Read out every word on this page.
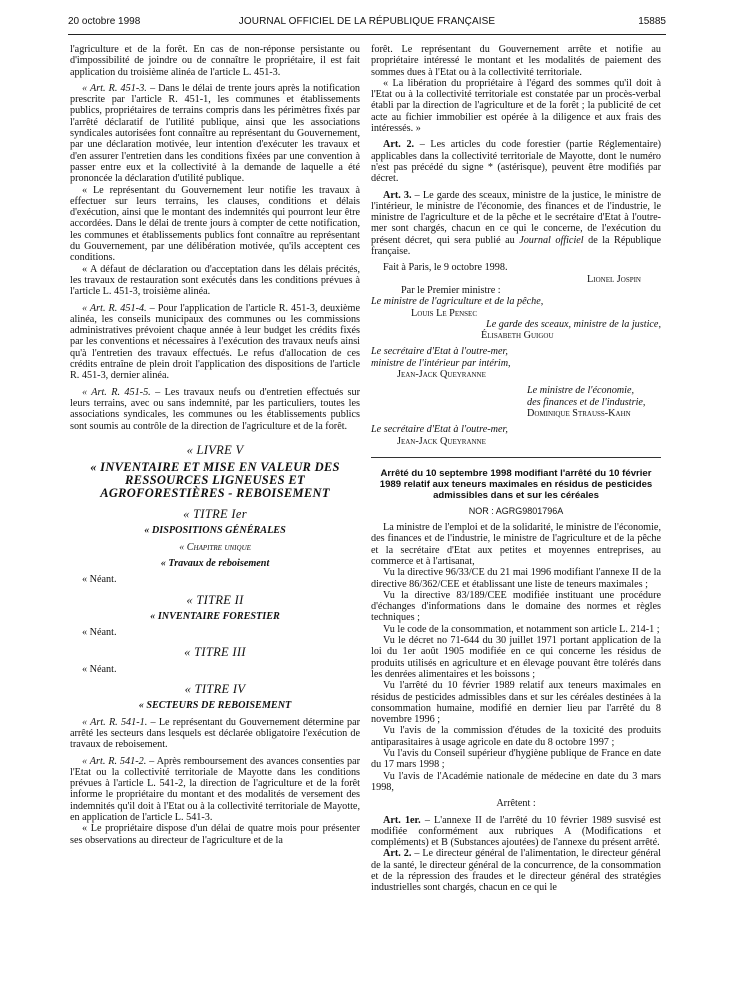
20 octobre 1998	JOURNAL OFFICIEL DE LA RÉPUBLIQUE FRANÇAISE	15885

l'agriculture et de la forêt. En cas de non-réponse persistante ou d'impossibilité de joindre ou de connaître le propriétaire, il est fait application du troisième alinéa de l'article L. 451-3.

« Art. R. 451-3. – Dans le délai de trente jours après la notification prescrite par l'article R. 451-1, les communes et établissements publics, propriétaires de terrains compris dans les périmètres fixés par l'arrêté déclaratif de l'utilité publique, ainsi que les associations syndicales autorisées font connaître au représentant du Gouvernement, par une déclaration motivée, leur intention d'exécuter les travaux et d'en assurer l'entretien dans les conditions fixées par une convention à passer entre eux et la collectivité à la demande de laquelle a été prononcée la déclaration d'utilité publique.

« Le représentant du Gouvernement leur notifie les travaux à effectuer sur leurs terrains, les clauses, conditions et délais d'exécution, ainsi que le montant des indemnités qui pourront leur être accordées. Dans le délai de trente jours à compter de cette notification, les communes et établissements publics font connaître au représentant du Gouvernement, par une délibération motivée, qu'ils acceptent ces conditions.

« A défaut de déclaration ou d'acceptation dans les délais précités, les travaux de restauration sont exécutés dans les conditions prévues à l'article L. 451-3, troisième alinéa.

« Art. R. 451-4. – Pour l'application de l'article R. 451-3, deuxième alinéa, les conseils municipaux des communes ou les commissions administratives prévoient chaque année à leur budget les crédits fixés par les conventions et nécessaires à l'exécution des travaux neufs ainsi qu'à l'entretien des travaux effectués. Le refus d'allocation de ces crédits entraîne de plein droit l'application des dispositions de l'article R. 451-3, dernier alinéa.

« Art. R. 451-5. – Les travaux neufs ou d'entretien effectués sur leurs terrains, avec ou sans indemnité, par les particuliers, toutes les associations syndicales, les communes ou les établissements publics sont soumis au contrôle de la direction de l'agriculture et de la forêt.

« LIVRE V

« INVENTAIRE ET MISE EN VALEUR DES RESSOURCES LIGNEUSES ET AGROFORESTIÈRES - REBOISEMENT

« TITRE Ier

« DISPOSITIONS GÉNÉRALES

« Chapitre unique

« Travaux de reboisement

« Néant.

« TITRE II

« INVENTAIRE FORESTIER

« Néant.

« TITRE III

« Néant.

« TITRE IV

« SECTEURS DE REBOISEMENT

« Art. R. 541-1. – Le représentant du Gouvernement détermine par arrêté les secteurs dans lesquels est déclarée obligatoire l'exécution de travaux de reboisement.

« Art. R. 541-2. – Après remboursement des avances consenties par l'Etat ou la collectivité territoriale de Mayotte dans les conditions prévues à l'article L. 541-2, la direction de l'agriculture et de la forêt informe le propriétaire du montant et des modalités de versement des indemnités qu'il doit à l'Etat ou à la collectivité territoriale de Mayotte, en application de l'article L. 541-3.

« Le propriétaire dispose d'un délai de quatre mois pour présenter ses observations au directeur de l'agriculture et de la

forêt. Le représentant du Gouvernement arrête et notifie au propriétaire intéressé le montant et les modalités de paiement des sommes dues à l'Etat ou à la collectivité territoriale.

« La libération du propriétaire à l'égard des sommes qu'il doit à l'Etat ou à la collectivité territoriale est constatée par un procès-verbal établi par la direction de l'agriculture et de la forêt ; la publicité de cet acte au fichier immobilier est opérée à la diligence et aux frais des intéressés. »

Art. 2. – Les articles du code forestier (partie Réglementaire) applicables dans la collectivité territoriale de Mayotte, dont le numéro n'est pas précédé du signe * (astérisque), peuvent être modifiés par décret.

Art. 3. – Le garde des sceaux, ministre de la justice, le ministre de l'intérieur, le ministre de l'économie, des finances et de l'industrie, le ministre de l'agriculture et de la pêche et le secrétaire d'Etat à l'outre-mer sont chargés, chacun en ce qui le concerne, de l'exécution du présent décret, qui sera publié au Journal officiel de la République française.

Fait à Paris, le 9 octobre 1998.

Lionel Jospin

Par le Premier ministre :

Le ministre de l'agriculture et de la pêche,

Louis Le Pensec

Le garde des sceaux, ministre de la justice,

Élisabeth Guigou

Le secrétaire d'Etat à l'outre-mer,

ministre de l'intérieur par intérim,

Jean-Jack Queyranne

Le ministre de l'économie,

des finances et de l'industrie,

Dominique Strauss-Kahn

Le secrétaire d'Etat à l'outre-mer,

Jean-Jack Queyranne

Arrêté du 10 septembre 1998 modifiant l'arrêté du 10 février 1989 relatif aux teneurs maximales en résidus de pesticides admissibles dans et sur les céréales

NOR : AGRG9801796A

La ministre de l'emploi et de la solidarité, le ministre de l'économie, des finances et de l'industrie, le ministre de l'agriculture et de la pêche et la secrétaire d'Etat aux petites et moyennes entreprises, au commerce et à l'artisanat,

Vu la directive 96/33/CE du 21 mai 1996 modifiant l'annexe II de la directive 86/362/CEE et établissant une liste de teneurs maximales ;

Vu la directive 83/189/CEE modifiée instituant une procédure d'échanges d'informations dans le domaine des normes et règles techniques ;

Vu le code de la consommation, et notamment son article L. 214-1 ;

Vu le décret no 71-644 du 30 juillet 1971 portant application de la loi du 1er août 1905 modifiée en ce qui concerne les résidus de produits utilisés en agriculture et en élevage pouvant être tolérés dans les denrées alimentaires et les boissons ;

Vu l'arrêté du 10 février 1989 relatif aux teneurs maximales en résidus de pesticides admissibles dans et sur les céréales destinées à la consommation humaine, modifié en dernier lieu par l'arrêté du 8 novembre 1996 ;

Vu l'avis de la commission d'études de la toxicité des produits antiparasitaires à usage agricole en date du 8 octobre 1997 ;

Vu l'avis du Conseil supérieur d'hygiène publique de France en date du 17 mars 1998 ;

Vu l'avis de l'Académie nationale de médecine en date du 3 mars 1998,

Arrêtent :

Art. 1er. – L'annexe II de l'arrêté du 10 février 1989 susvisé est modifiée conformément aux rubriques A (Modifications et compléments) et B (Substances ajoutées) de l'annexe du présent arrêté.

Art. 2. – Le directeur général de l'alimentation, le directeur général de la santé, le directeur général de la concurrence, de la consommation et de la répression des fraudes et le directeur général des stratégies industrielles sont chargés, chacun en ce qui le
